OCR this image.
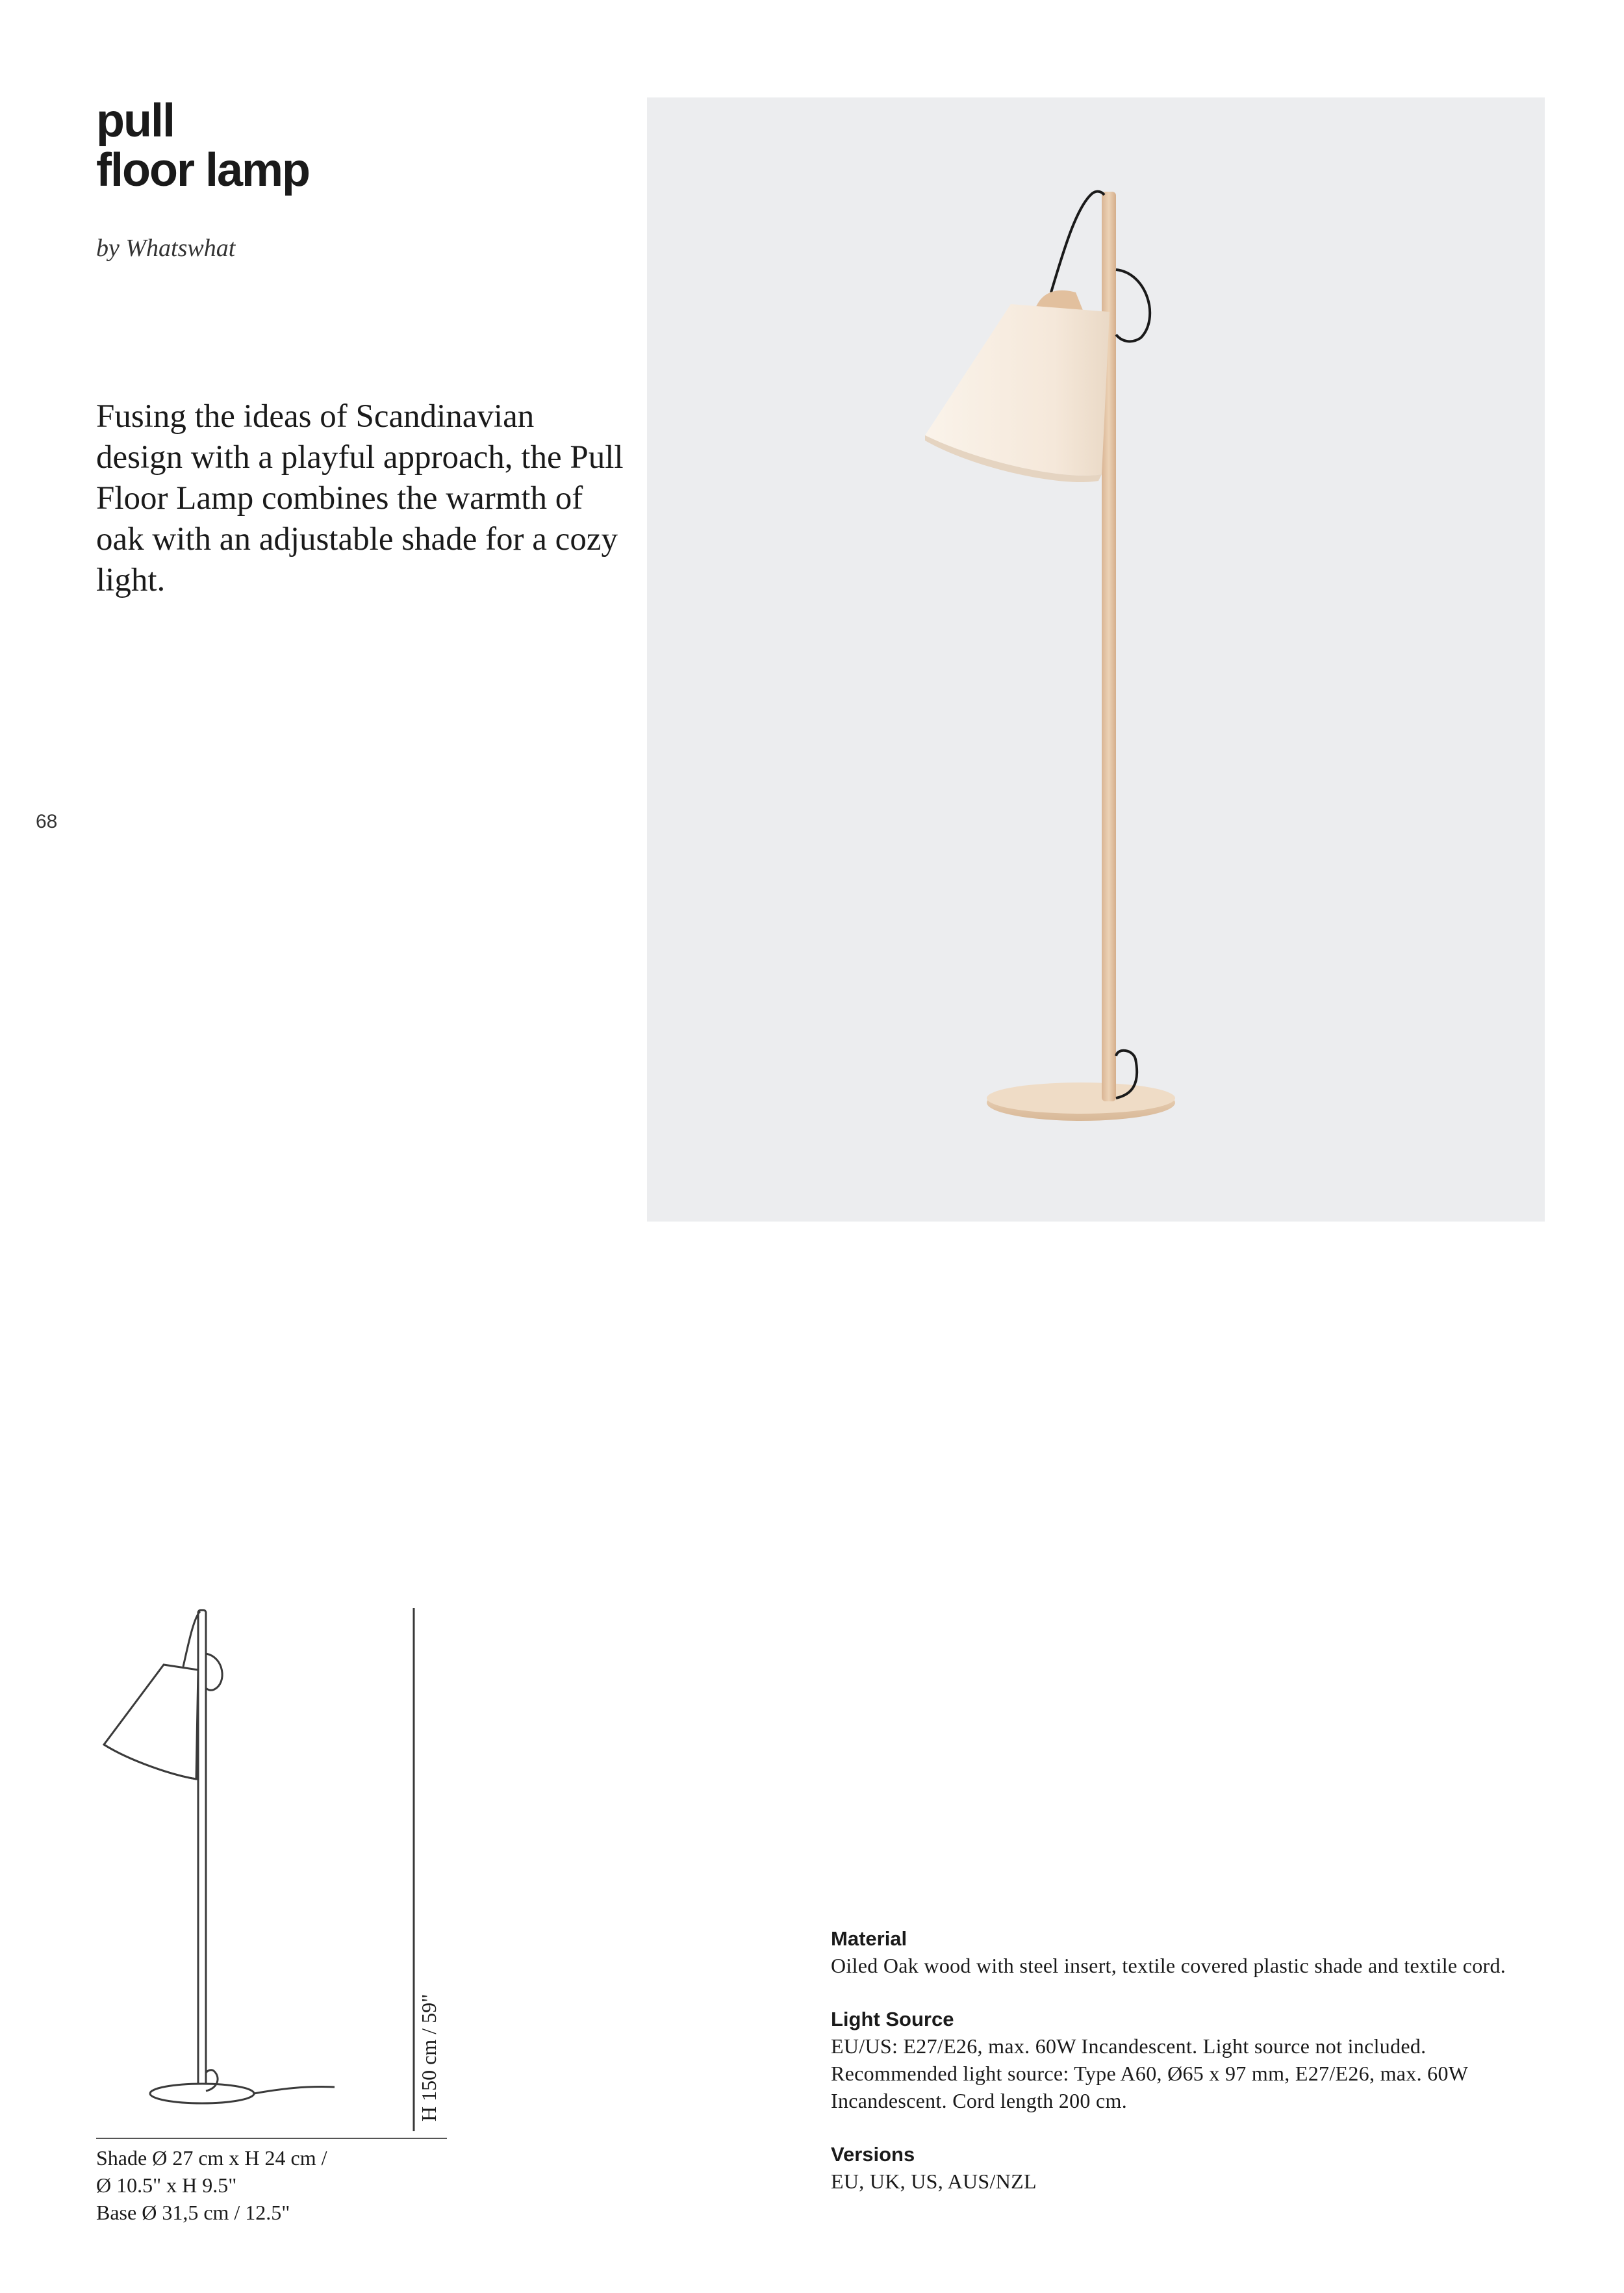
pull
floor lamp
by Whatswhat

Fusing the ideas of Scandinavian design with a playful approach, the Pull Floor Lamp combines the warmth of oak with an adjustable shade for a cozy light.

68
H 150 cm / 59"
Shade Ø 27 cm x H 24 cm /
Ø 10.5" x H 9.5"
Base Ø 31,5 cm / 12.5"
Material
Oiled Oak wood with steel insert, textile covered plastic shade and textile cord.
Light Source
EU/US: E27/E26, max. 60W Incandescent. Light source not included. Recommended light source: Type A60, Ø65 x 97 mm, E27/E26, max. 60W Incandescent. Cord length 200 cm.
Versions
EU, UK, US, AUS/NZL
